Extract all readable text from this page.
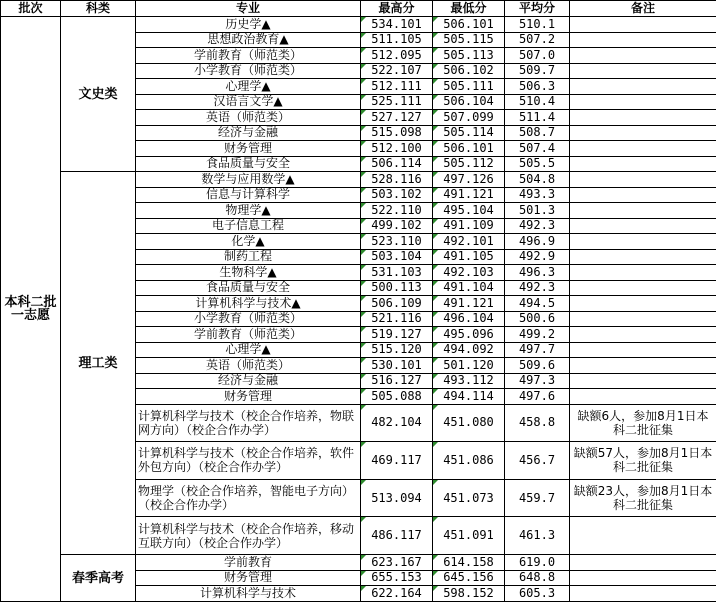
批次	科类	专业	最高分	最低分	平均分	备注
本科二批一志愿	文史类	历史学▲	534.101	506.101	510.1	
		思想政治教育▲	511.105	505.115	507.2	
		学前教育（师范类）	512.095	505.113	507.0	
		小学教育（师范类）	522.107	506.102	509.7	
		心理学▲	512.111	505.111	506.3	
		汉语言文学▲	525.111	506.104	510.4	
		英语（师范类）	527.127	507.099	511.4	
		经济与金融	515.098	505.114	508.7	
		财务管理	512.100	506.101	507.4	
		食品质量与安全	506.114	505.112	505.5	
	理工类	数学与应用数学▲	528.116	497.126	504.8	
		信息与计算科学	503.102	491.121	493.3	
		物理学▲	522.110	495.104	501.3	
		电子信息工程	499.102	491.109	492.3	
		化学▲	523.110	492.101	496.9	
		制药工程	503.104	491.105	492.9	
		生物科学▲	531.103	492.103	496.3	
		食品质量与安全	500.113	491.104	492.3	
		计算机科学与技术▲	506.109	491.121	494.5	
		小学教育（师范类）	521.116	496.104	500.6	
		学前教育（师范类）	519.127	495.096	499.2	
		心理学▲	515.120	494.092	497.7	
		英语（师范类）	530.101	501.120	509.6	
		经济与金融	516.127	493.112	497.3	
		财务管理	505.088	494.114	497.6	
		计算机科学与技术（校企合作培养，物联网方向）（校企合作办学）	482.104	451.080	458.8	缺额6人，参加8月1日本科二批征集
		计算机科学与技术（校企合作培养，软件外包方向）（校企合作办学）	469.117	451.086	456.7	缺额57人，参加8月1日本科二批征集
		物理学（校企合作培养，智能电子方向）（校企合作办学）	513.094	451.073	459.7	缺额23人，参加8月1日本科二批征集
		计算机科学与技术（校企合作培养，移动互联方向）（校企合作办学）	486.117	451.091	461.3	
	春季高考	学前教育	623.167	614.158	619.0	
		财务管理	655.153	645.156	648.8	
		计算机科学与技术	622.164	598.152	605.3	
